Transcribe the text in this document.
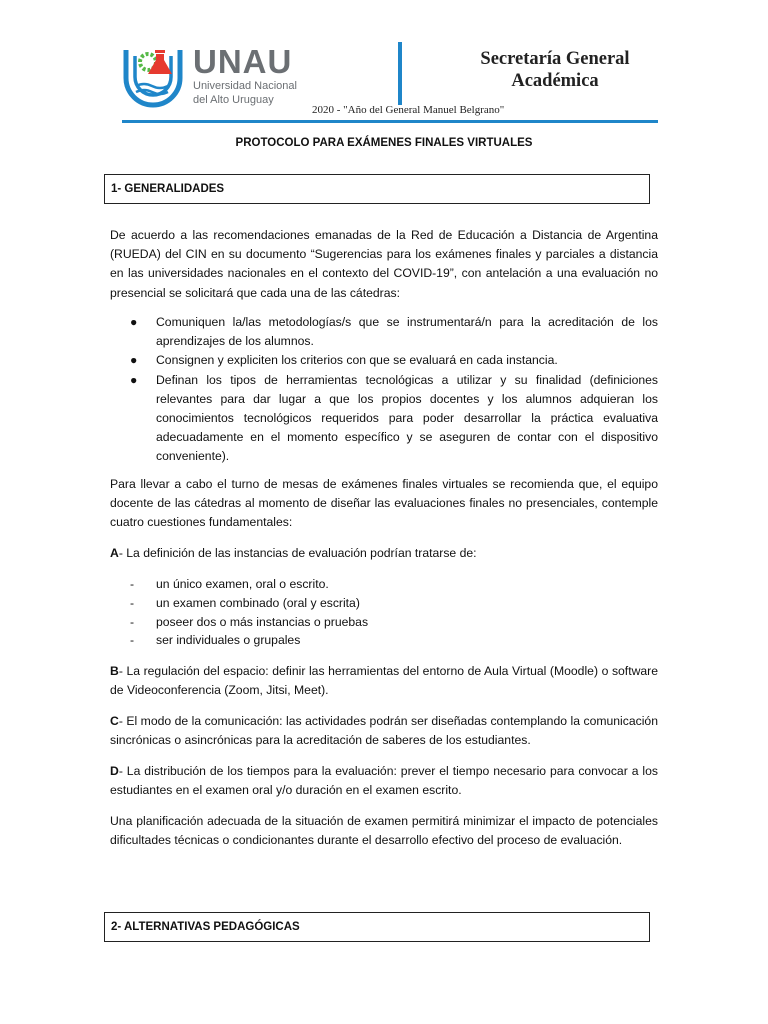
UNAU
Universidad Nacional
del Alto Uruguay
Secretaría General
Académica
2020 - "Año del General Manuel Belgrano"
PROTOCOLO PARA EXÁMENES FINALES VIRTUALES
1- GENERALIDADES

De acuerdo a las recomendaciones emanadas de la Red de Educación a Distancia de Argentina (RUEDA) del CIN en su documento “Sugerencias para los exámenes finales y parciales a distancia en las universidades nacionales en el contexto del COVID-19”, con antelación a una evaluación no presencial se solicitará que cada una de las cátedras:

● Comuniquen la/las metodologías/s que se instrumentará/n para la acreditación de los aprendizajes de los alumnos.
● Consignen y expliciten los criterios con que se evaluará en cada instancia.
● Definan los tipos de herramientas tecnológicas a utilizar y su finalidad (definiciones relevantes para dar lugar a que los propios docentes y los alumnos adquieran los conocimientos tecnológicos requeridos para poder desarrollar la práctica evaluativa adecuadamente en el momento específico y se aseguren de contar con el dispositivo conveniente).

Para llevar a cabo el turno de mesas de exámenes finales virtuales se recomienda que, el equipo docente de las cátedras al momento de diseñar las evaluaciones finales no presenciales, contemple cuatro cuestiones fundamentales:

A- La definición de las instancias de evaluación podrían tratarse de:

- un único examen, oral o escrito.
- un examen combinado (oral y escrita)
- poseer dos o más instancias o pruebas
- ser individuales o grupales

B- La regulación del espacio: definir las herramientas del entorno de Aula Virtual (Moodle) o software de Videoconferencia (Zoom, Jitsi, Meet).

C- El modo de la comunicación: las actividades podrán ser diseñadas contemplando la comunicación sincrónicas o asincrónicas para la acreditación de saberes de los estudiantes.

D- La distribución de los tiempos para la evaluación: prever el tiempo necesario para convocar a los estudiantes en el examen oral y/o duración en el examen escrito.

Una planificación adecuada de la situación de examen permitirá minimizar el impacto de potenciales dificultades técnicas o condicionantes durante el desarrollo efectivo del proceso de evaluación.

2- ALTERNATIVAS PEDAGÓGICAS
